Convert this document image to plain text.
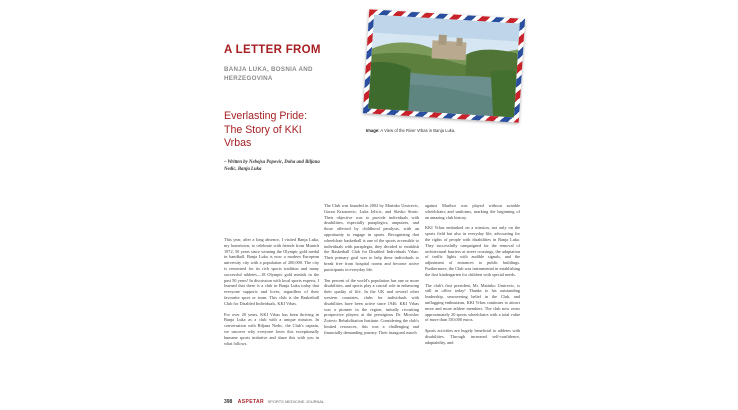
A LETTER FROM
BANJA LUKA, BOSNIA AND HERZEGOVINA
Everlasting Pride: The Story of KKI Vrbas
– Written by Nebojsa Popovic, Doha and Biljana Nedic, Banja Luka
Image: A View of the River Vrbas in Banja Luka.

This year, after a long absence, I visited Banja Luka, my hometown, to celebrate with friends from Munich 1972, 50 years since winning the Olympic gold medal in handball. Banja Luka is now a modern European university city with a population of 200,000. The city is renowned for its rich sports tradition and many successful athletes—18 Olympic gold medals in the past 50 years! In discussion with local sports experts, I learned that there is a club in Banja Luka today that everyone supports and loves, regardless of their favourite sport or team. This club is the Basketball Club for Disabled Individuals, KKI Vrbas.

For over 20 years, KKI Vrbas has been thriving in Banja Luka as a club with a unique mission. In conversation with Biljana Nedic, the Club's captain, we uncover why everyone loves this exceptionally humane sports initiative and share this with you in what follows.

The Club was founded in 2002 by Marinko Umicevic, Goran Krznarevic, Luka Jelicic, and Slavko Simic. Their objective was to provide individuals with disabilities, especially paraplegics, amputees, and those affected by childhood paralysis, with an opportunity to engage in sports. Recognizing that wheelchair basketball is one of the sports accessible to individuals with paraplegia, they decided to establish the Basketball Club for Disabled Individuals Vrbas. Their primary goal was to help these individuals to break free from hospital rooms and become active participants in everyday life.

Ten percent of the world's population has one or more disabilities, and sports play a crucial role in enhancing their quality of life. In the UK and several other western countries, clubs for individuals with disabilities have been active since 1946. KKI Vrbas was a pioneer in the region, initially recruiting prospective players at the prestigious Dr. Miroslav Zotovic Rehabilitation Institute. Considering the club's limited resources, this was a challenging and financially demanding journey. Their inaugural match

against Maribor was played without suitable wheelchairs and uniforms, marking the beginning of an amazing club history.

KKI Vrbas embarked on a mission, not only on the sports field but also in everyday life, advocating for the rights of people with disabilities in Banja Luka. They successfully campaigned for the removal of architectural barriers at street crossings, the adaptation of traffic lights with audible signals, and the adjustment of entrances to public buildings. Furthermore, the Club was instrumental in establishing the first kindergarten for children with special needs.

The club's first president, Mr. Marinko Umicevic, is still in office today! Thanks to his outstanding leadership, unwavering belief in the Club, and unflagging enthusiasm, KKI Vrbas continues to attract more and more athlete members. The club now owns approximately 20 sports wheelchairs with a total value of more than 150,000 euros.

Sports activities are hugely beneficial to athletes with disabilities. Through increased self-confidence, adaptability, and

398 ASPETAR SPORTS MEDICINE JOURNAL
